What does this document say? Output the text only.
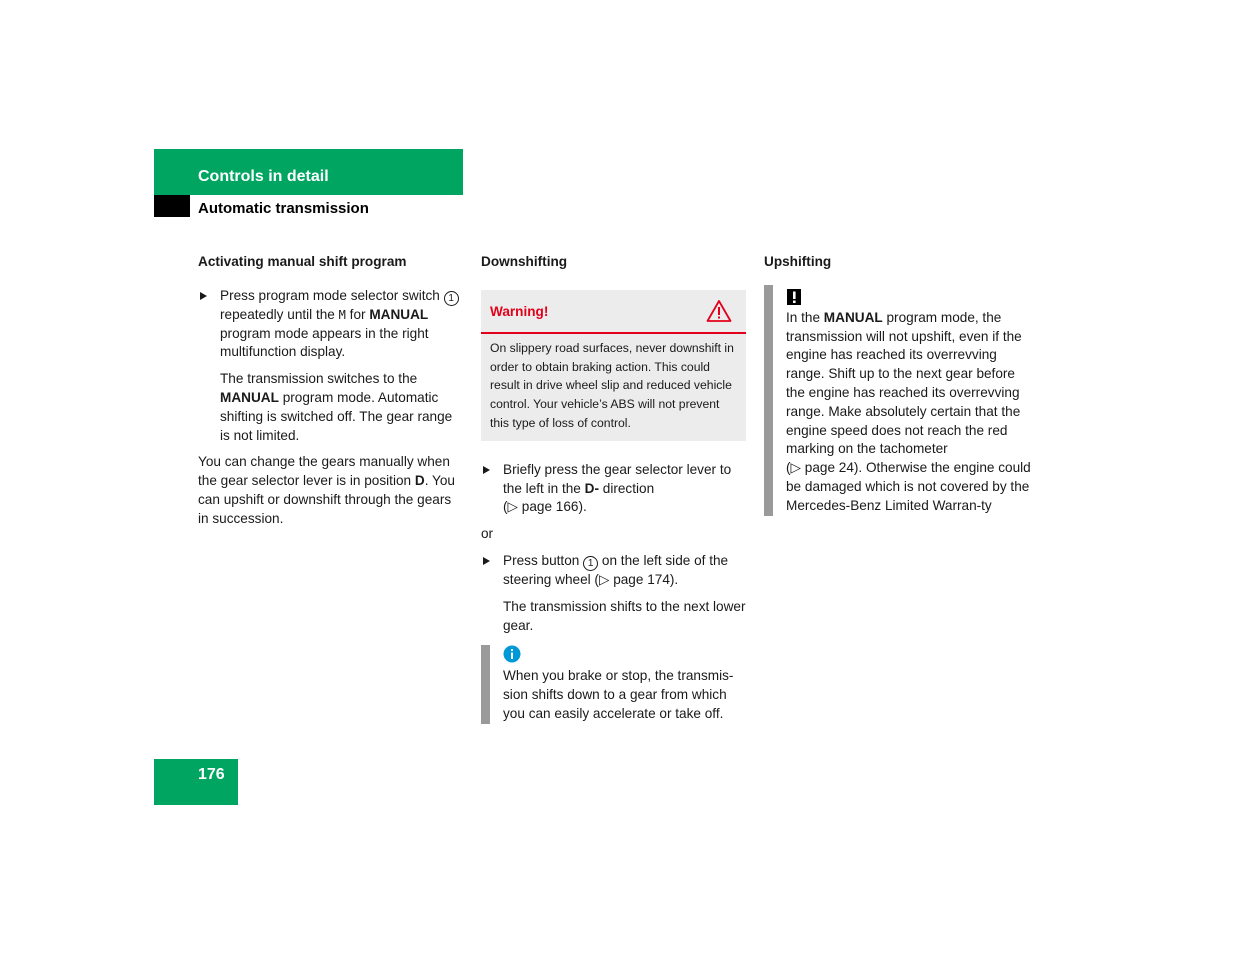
Controls in detail
Automatic transmission
Activating manual shift program
Press program mode selector switch 1 repeatedly until the M for MANUAL program mode appears in the right multifunction display.
The transmission switches to the MANUAL program mode. Automatic shifting is switched off. The gear range is not limited.
You can change the gears manually when the gear selector lever is in position D. You can upshift or downshift through the gears in succession.
Downshifting
Warning!
On slippery road surfaces, never downshift in order to obtain braking action. This could result in drive wheel slip and reduced vehicle control. Your vehicle’s ABS will not prevent this type of loss of control.
Briefly press the gear selector lever to the left in the D- direction
(▷ page 166).
or
Press button 1 on the left side of the steering wheel (▷ page 174).
The transmission shifts to the next lower gear.
When you brake or stop, the transmis-sion shifts down to a gear from which you can easily accelerate or take off.
Upshifting
In the MANUAL program mode, the transmission will not upshift, even if the engine has reached its overrevving range. Shift up to the next gear before the engine has reached its overrevving range. Make absolutely certain that the engine speed does not reach the red marking on the tachometer
(▷ page 24). Otherwise the engine could be damaged which is not covered by the Mercedes-Benz Limited Warran-ty
176
